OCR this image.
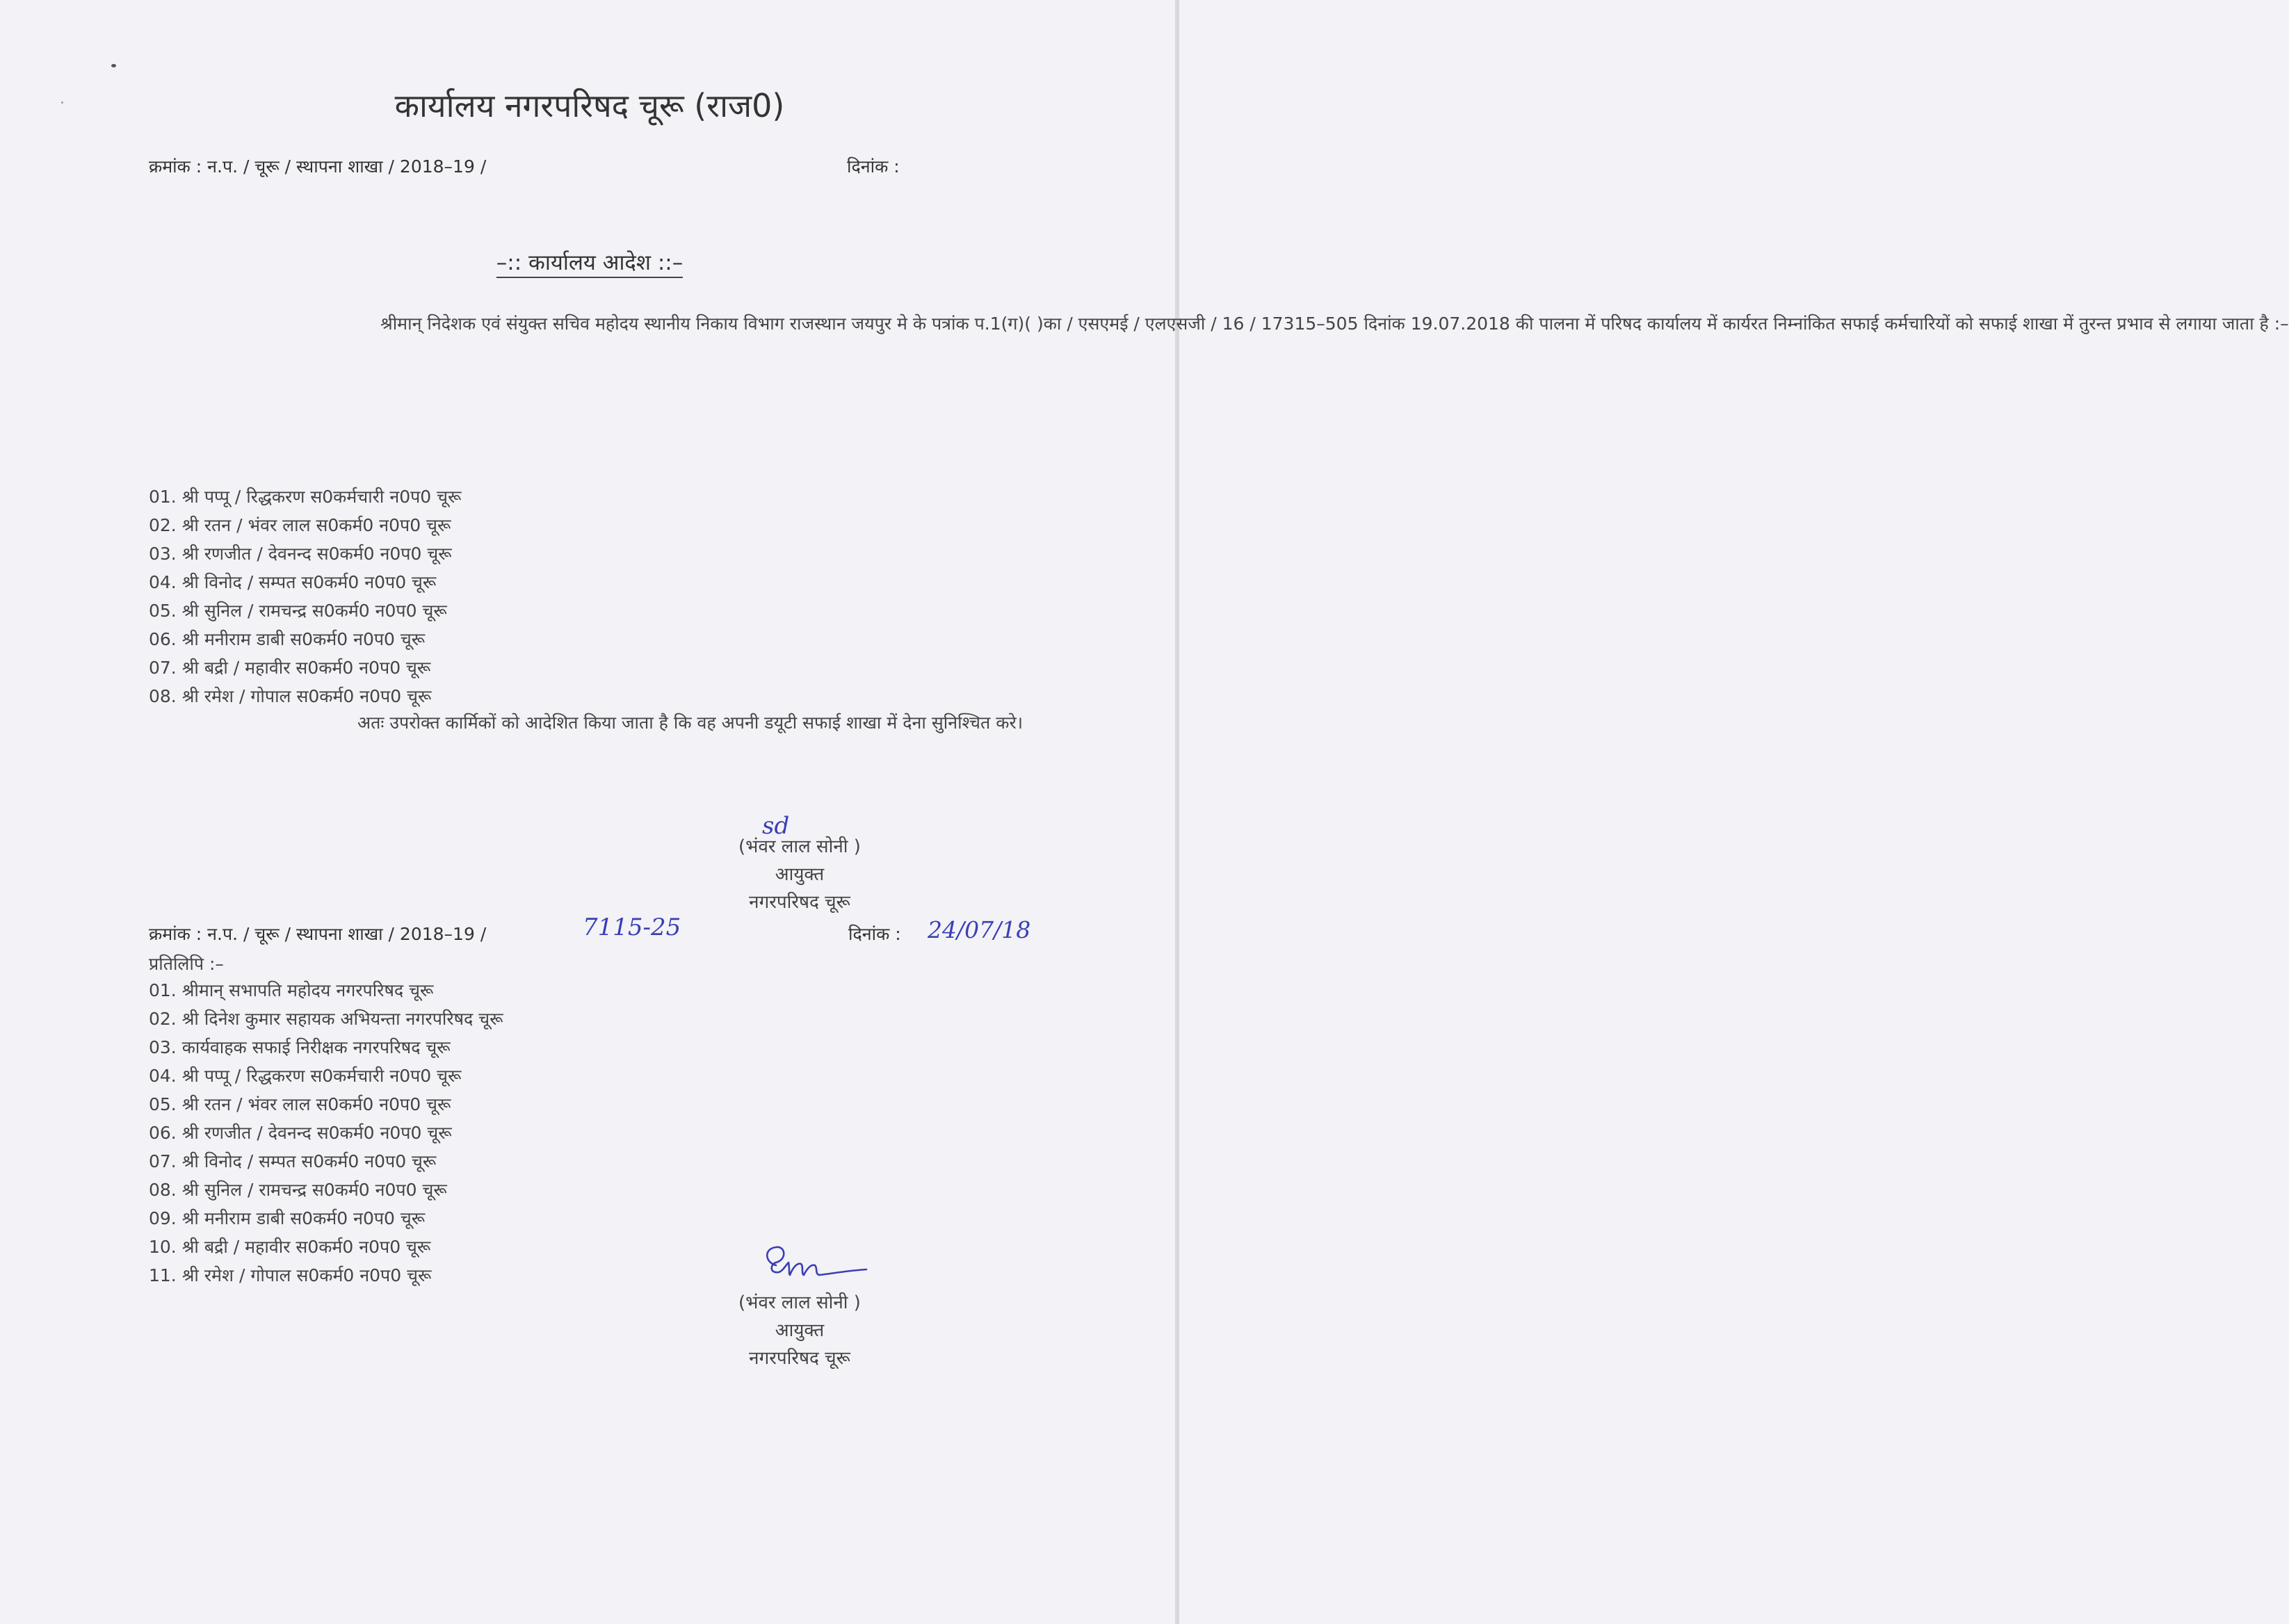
कार्यालय नगरपरिषद चूरू (राज0)
क्रमांक : न.प. / चूरू / स्थापना शाखा / 2018–19 /	दिनांक :
–:: कार्यालय आदेश ::–

श्रीमान् निदेशक एवं संयुक्त सचिव महोदय स्थानीय निकाय विभाग राजस्थान जयपुर मे के पत्रांक प.1(ग)( )का / एसएमई / एलएसजी / 16 / 17315–505 दिनांक 19.07.2018 की पालना में परिषद कार्यालय में कार्यरत निम्नांकित सफाई कर्मचारियों को सफाई शाखा में तुरन्त प्रभाव से लगाया जाता है :–

01. श्री पप्पू / रिद्धकरण स0कर्मचारी न0प0 चूरू
02. श्री रतन / भंवर लाल स0कर्म0 न0प0 चूरू
03. श्री रणजीत / देवनन्द स0कर्म0 न0प0 चूरू
04. श्री विनोद / सम्पत स0कर्म0 न0प0 चूरू
05. श्री सुनिल / रामचन्द्र स0कर्म0 न0प0 चूरू
06. श्री मनीराम डाबी स0कर्म0 न0प0 चूरू
07. श्री बद्री / महावीर स0कर्म0 न0प0 चूरू
08. श्री रमेश / गोपाल स0कर्म0 न0प0 चूरू

अतः उपरोक्त कार्मिकों को आदेशित किया जाता है कि वह अपनी डयूटी सफाई शाखा में देना सुनिश्चित करे।

sd
(भंवर लाल सोनी )
आयुक्त
नगरपरिषद चूरू
क्रमांक : न.प. / चूरू / स्थापना शाखा / 2018–19 /	7115-25	दिनांक : 24/07/18
प्रतिलिपि :–
01. श्रीमान् सभापति महोदय नगरपरिषद चूरू
02. श्री दिनेश कुमार सहायक अभियन्ता नगरपरिषद चूरू
03. कार्यवाहक सफाई निरीक्षक नगरपरिषद चूरू
04. श्री पप्पू / रिद्धकरण स0कर्मचारी न0प0 चूरू
05. श्री रतन / भंवर लाल स0कर्म0 न0प0 चूरू
06. श्री रणजीत / देवनन्द स0कर्म0 न0प0 चूरू
07. श्री विनोद / सम्पत स0कर्म0 न0प0 चूरू
08. श्री सुनिल / रामचन्द्र स0कर्म0 न0प0 चूरू
09. श्री मनीराम डाबी स0कर्म0 न0प0 चूरू
10. श्री बद्री / महावीर स0कर्म0 न0प0 चूरू
11. श्री रमेश / गोपाल स0कर्म0 न0प0 चूरू
(भंवर लाल सोनी )
आयुक्त
नगरपरिषद चूरू
